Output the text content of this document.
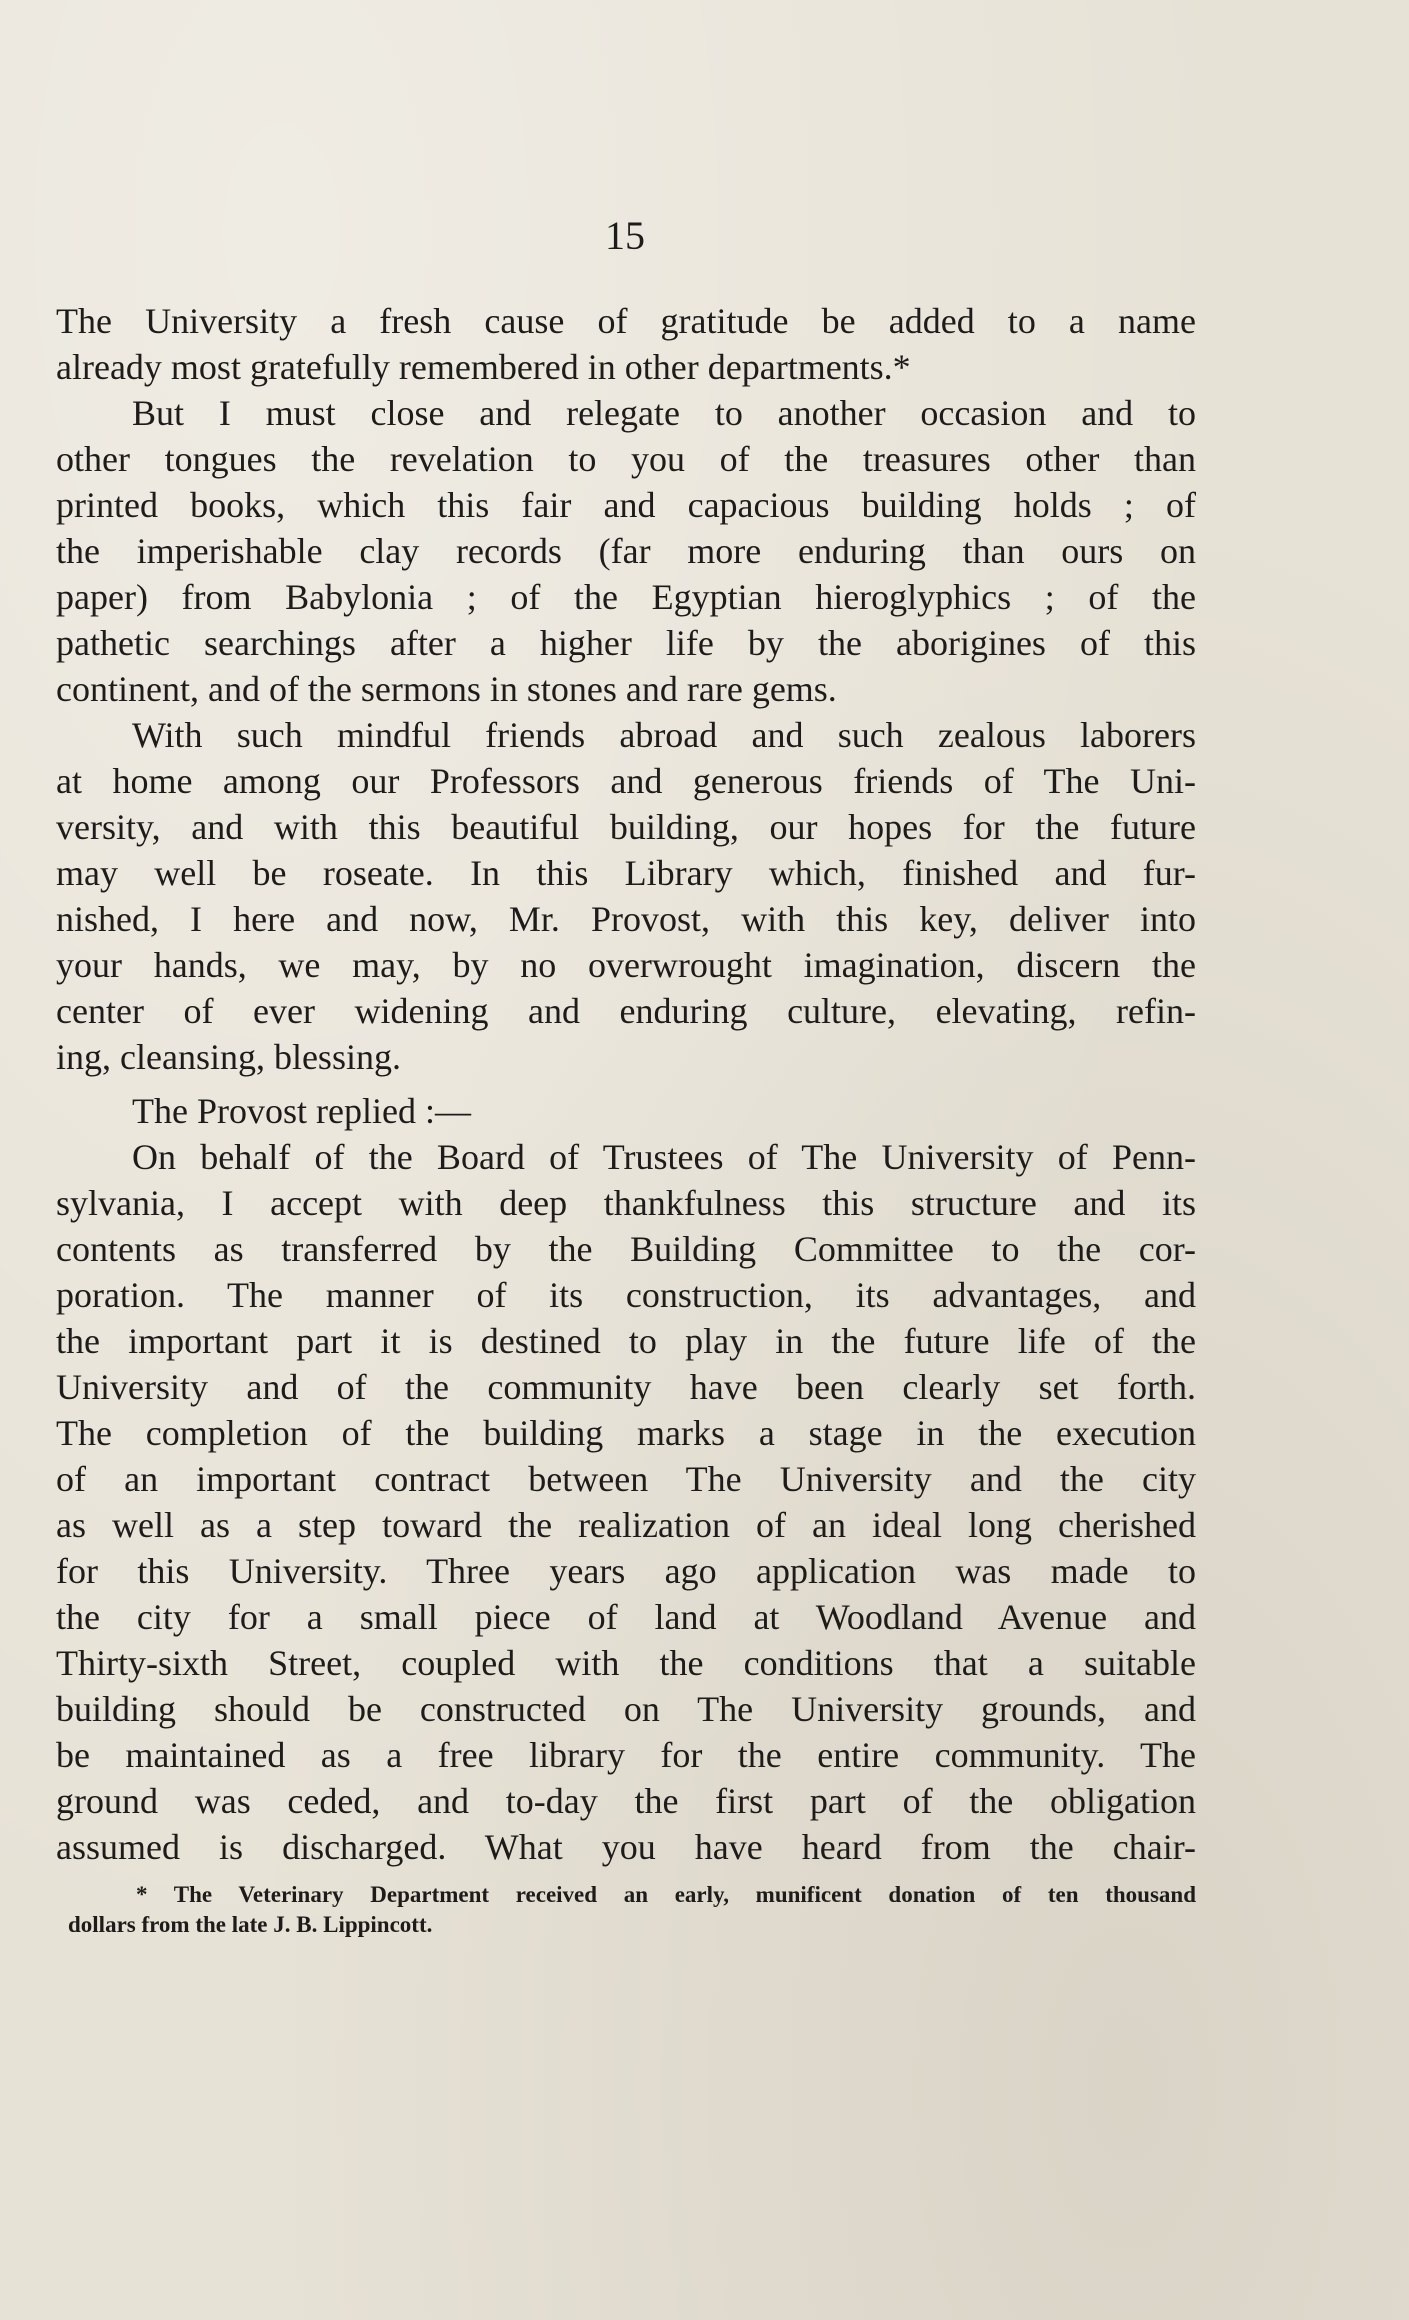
15
The University a fresh cause of gratitude be added to a name
already most gratefully remembered in other departments.*
But I must close and relegate to another occasion and to
other tongues the revelation to you of the treasures other than
printed books, which this fair and capacious building holds ; of
the imperishable clay records (far more enduring than ours on
paper) from Babylonia ; of the Egyptian hieroglyphics ; of the
pathetic searchings after a higher life by the aborigines of this
continent, and of the sermons in stones and rare gems.
With such mindful friends abroad and such zealous laborers
at home among our Professors and generous friends of The Uni-
versity, and with this beautiful building, our hopes for the future
may well be roseate. In this Library which, finished and fur-
nished, I here and now, Mr. Provost, with this key, deliver into
your hands, we may, by no overwrought imagination, discern the
center of ever widening and enduring culture, elevating, refin-
ing, cleansing, blessing.
The Provost replied :—
On behalf of the Board of Trustees of The University of Penn-
sylvania, I accept with deep thankfulness this structure and its
contents as transferred by the Building Committee to the cor-
poration. The manner of its construction, its advantages, and
the important part it is destined to play in the future life of the
University and of the community have been clearly set forth.
The completion of the building marks a stage in the execution
of an important contract between The University and the city
as well as a step toward the realization of an ideal long cherished
for this University. Three years ago application was made to
the city for a small piece of land at Woodland Avenue and
Thirty-sixth Street, coupled with the conditions that a suitable
building should be constructed on The University grounds, and
be maintained as a free library for the entire community. The
ground was ceded, and to-day the first part of the obligation
assumed is discharged. What you have heard from the chair-
* The Veterinary Department received an early, munificent donation of ten thousand
dollars from the late J. B. Lippincott.
